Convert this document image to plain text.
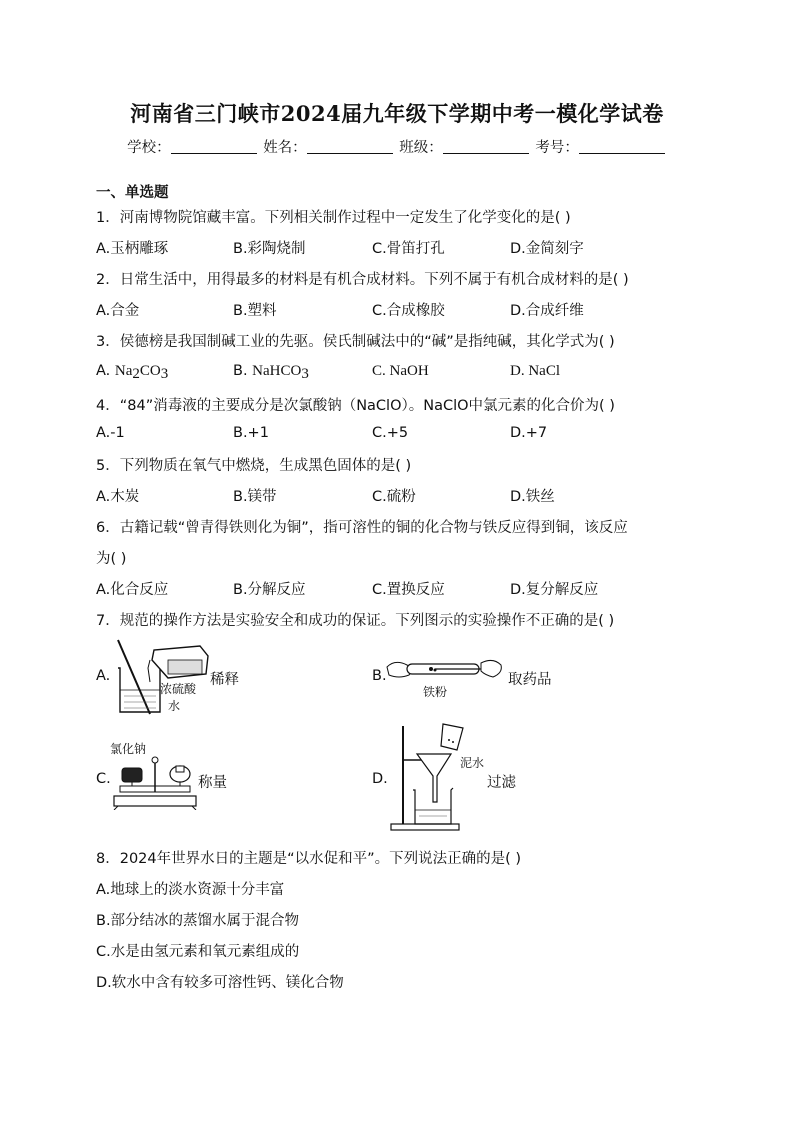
河南省三门峡市2024届九年级下学期中考一模化学试卷
学校：	姓名：	班级：	考号：
一、单选题
1．河南博物院馆藏丰富。下列相关制作过程中一定发生了化学变化的是( )
A.玉柄雕琢	B.彩陶烧制	C.骨笛打孔	D.金简刻字
2．日常生活中，用得最多的材料是有机合成材料。下列不属于有机合成材料的是( )
A.合金	B.塑料	C.合成橡胶	D.合成纤维
3．侯德榜是我国制碱工业的先驱。侯氏制碱法中的“碱”是指纯碱，其化学式为( )
A. $Na_2CO_3$	B. NaHCO$_3$	C. NaOH	D. NaCl
4．“84”消毒液的主要成分是次氯酸钠（NaClO）。NaClO中氯元素的化合价为( )
A.-1	B.+1	C.+5	D.+7
5．下列物质在氧气中燃烧，生成黑色固体的是( )
A.木炭	B.镁带	C.硫粉	D.铁丝
6．古籍记载“曾青得铁则化为铜”，指可溶性的铜的化合物与铁反应得到铜，该反应
为( )
A.化合反应	B.分解反应	C.置换反应	D.复分解反应
7．规范的操作方法是实验安全和成功的保证。下列图示的实验操作不正确的是( )
A.
浓硫酸
水
稀释	B.
铁粉
取药品
氯化钠
C.	称量	D.
泥水
过滤
8．2024年世界水日的主题是“以水促和平”。下列说法正确的是( )
A.地球上的淡水资源十分丰富
B.部分结冰的蒸馏水属于混合物
C.水是由氢元素和氧元素组成的
D.软水中含有较多可溶性钙、镁化合物
